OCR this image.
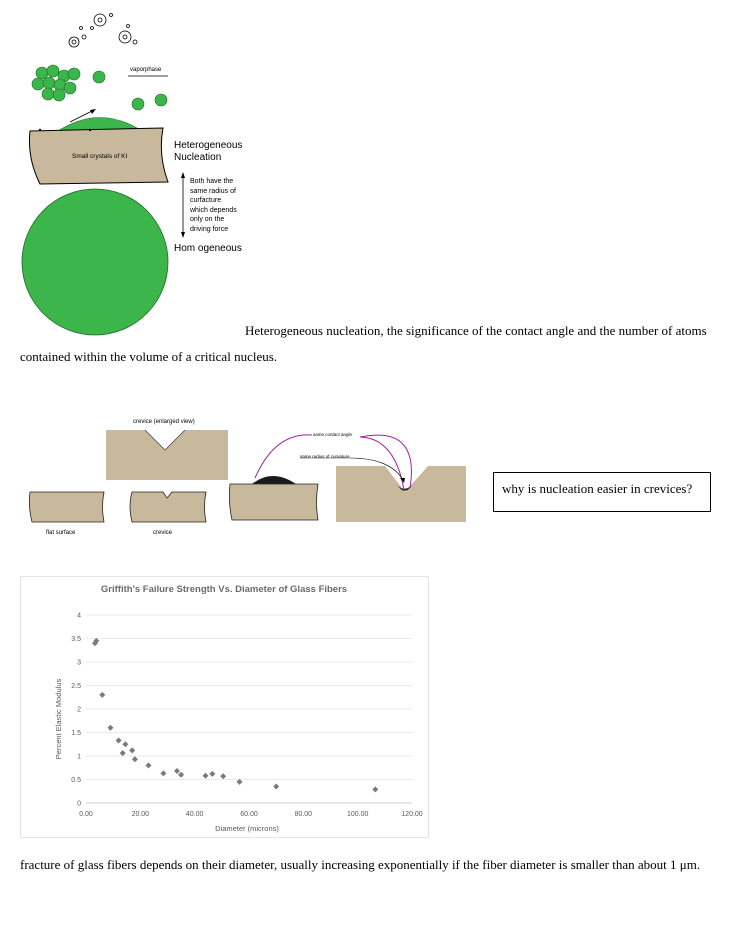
vaporphase
Small crystals of KI
Heterogeneous
Nucleation
Both have the
same radius of
curfacture
which depends
only on the
driving force
Hom ogeneous
Heterogeneous nucleation, the significance of the contact angle and the number of atoms contained within the volume of a critical nucleus.
crevice (enlarged view)
flat surface	crevice
same contact angle
same radius of curvature
why is nucleation easier in crevices?
Griffith's Failure Strength Vs. Diameter of Glass Fibers
0
0.5
1
1.5
2
2.5
3
3.5
4
0.00	20.00	40.00	60.00	80.00	100.00	120.00
Diameter (microns)
Percent Elastic Modulus
fracture of glass fibers depends on their diameter, usually increasing exponentially if the fiber diameter is smaller than about 1 μm.
